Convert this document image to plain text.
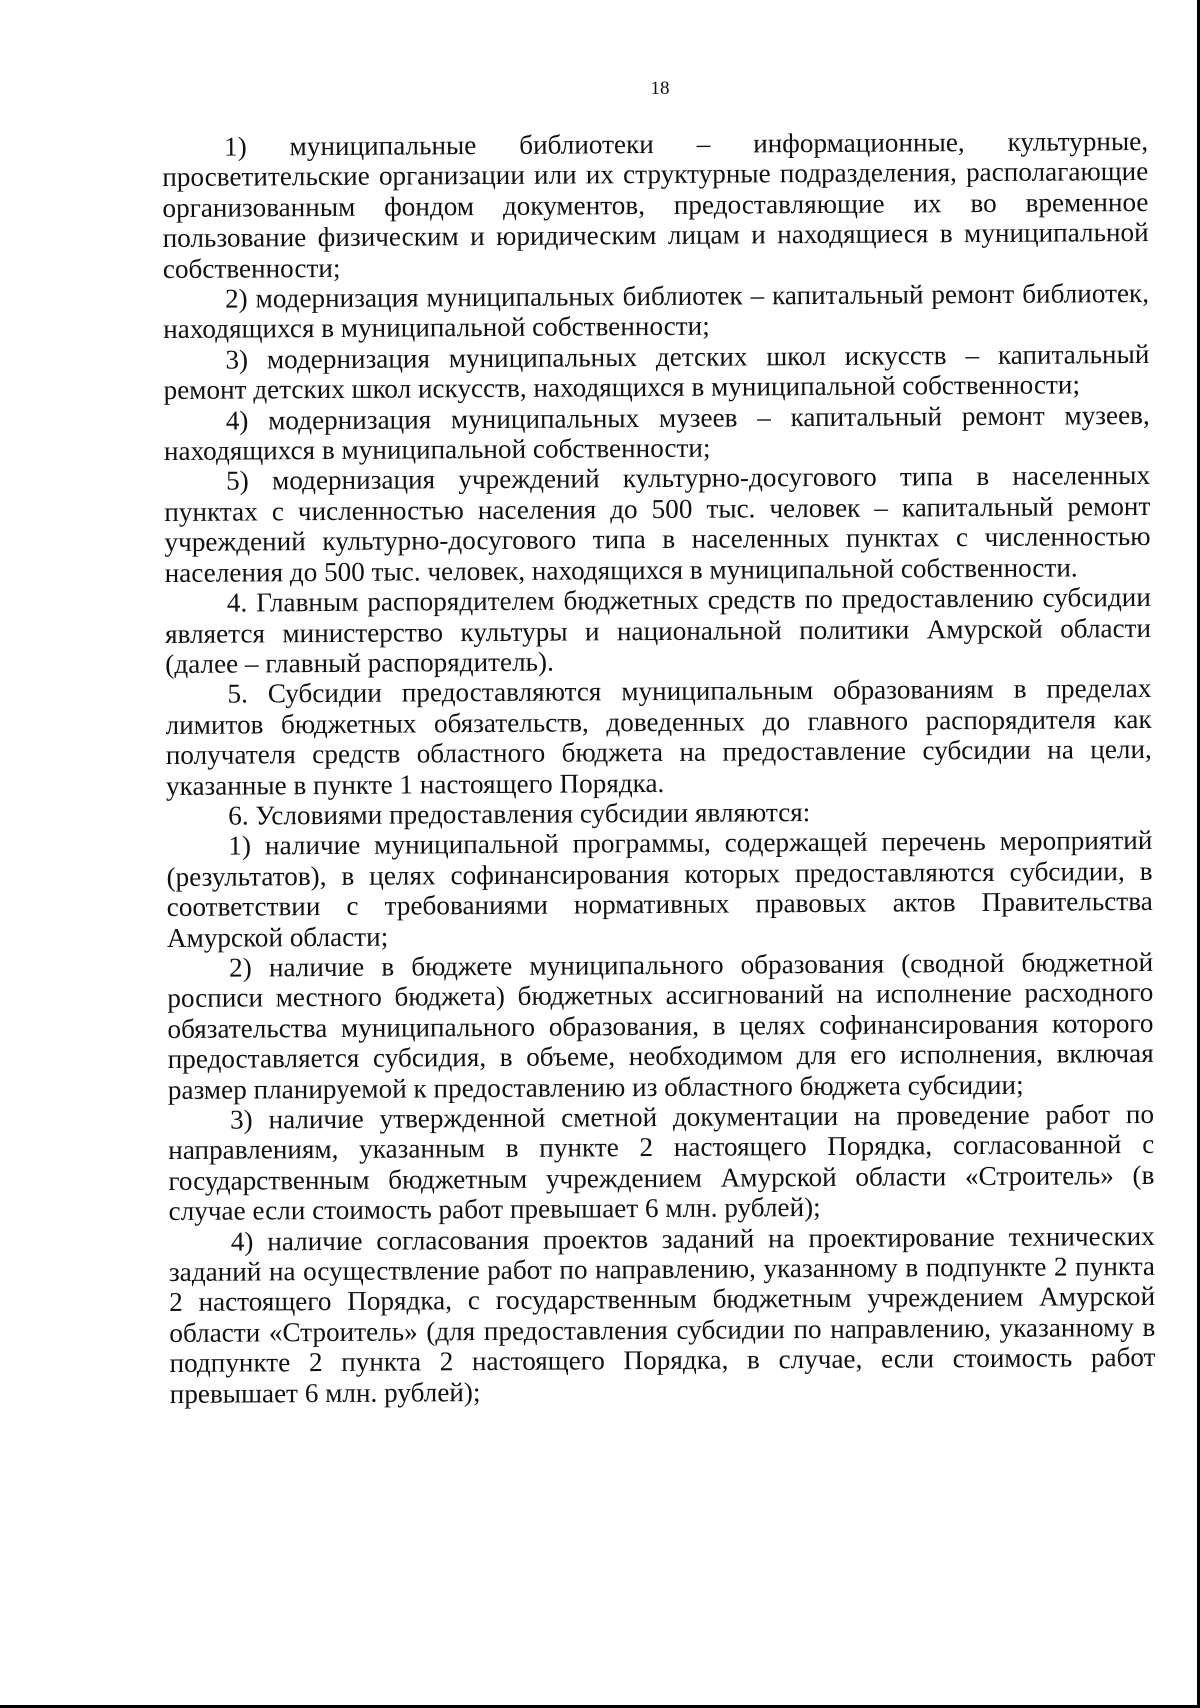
18

1) муниципальные библиотеки – информационные, культурные, просветительские организации или их структурные подразделения, располагающие организованным фондом документов, предоставляющие их во временное пользование физическим и юридическим лицам и находящиеся в муниципальной собственности;

2) модернизация муниципальных библиотек – капитальный ремонт библиотек, находящихся в муниципальной собственности;

3) модернизация муниципальных детских школ искусств – капитальный ремонт детских школ искусств, находящихся в муниципальной собственности;

4) модернизация муниципальных музеев – капитальный ремонт музеев, находящихся в муниципальной собственности;

5) модернизация учреждений культурно-досугового типа в населенных пунктах с численностью населения до 500 тыс. человек – капитальный ремонт учреждений культурно-досугового типа в населенных пунктах с численностью населения до 500 тыс. человек, находящихся в муниципальной собственности.

4. Главным распорядителем бюджетных средств по предоставлению субсидии является министерство культуры и национальной политики Амурской области (далее – главный распорядитель).

5. Субсидии предоставляются муниципальным образованиям в пределах лимитов бюджетных обязательств, доведенных до главного распорядителя как получателя средств областного бюджета на предоставление субсидии на цели, указанные в пункте 1 настоящего Порядка.

6. Условиями предоставления субсидии являются:

1) наличие муниципальной программы, содержащей перечень мероприятий (результатов), в целях софинансирования которых предоставляются субсидии, в соответствии с требованиями нормативных правовых актов Правительства Амурской области;

2) наличие в бюджете муниципального образования (сводной бюджетной росписи местного бюджета) бюджетных ассигнований на исполнение расходного обязательства муниципального образования, в целях софинансирования которого предоставляется субсидия, в объеме, необходимом для его исполнения, включая размер планируемой к предоставлению из областного бюджета субсидии;

3) наличие утвержденной сметной документации на проведение работ по направлениям, указанным в пункте 2 настоящего Порядка, согласованной с государственным бюджетным учреждением Амурской области «Строитель» (в случае если стоимость работ превышает 6 млн. рублей);

4) наличие согласования проектов заданий на проектирование технических заданий на осуществление работ по направлению, указанному в подпункте 2 пункта 2 настоящего Порядка, с государственным бюджетным учреждением Амурской области «Строитель» (для предоставления субсидии по направлению, указанному в подпункте 2 пункта 2 настоящего Порядка, в случае, если стоимость работ превышает 6 млн. рублей);
